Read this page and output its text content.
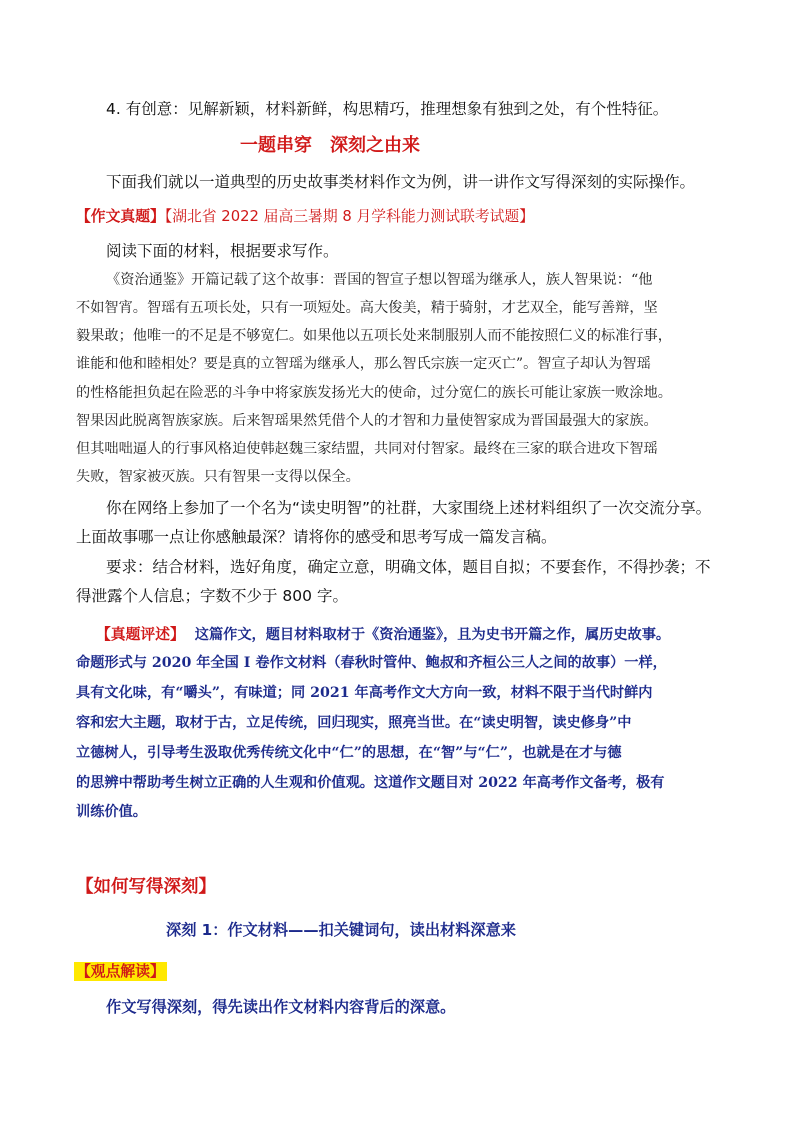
4. 有创意：见解新颖，材料新鲜，构思精巧，推理想象有独到之处，有个性特征。
一题串穿　深刻之由来
下面我们就以一道典型的历史故事类材料作文为例，讲一讲作文写得深刻的实际操作。
【作文真题】【湖北省 2022 届高三暑期 8 月学科能力测试联考试题】
阅读下面的材料，根据要求写作。
《资治通鉴》开篇记载了这个故事：晋国的智宣子想以智瑶为继承人，族人智果说：“他
不如智宵。智瑶有五项长处，只有一项短处。高大俊美，精于骑射，才艺双全，能写善辩，坚
毅果敢；他唯一的不足是不够宽仁。如果他以五项长处来制服别人而不能按照仁义的标准行事，
谁能和他和睦相处？要是真的立智瑶为继承人，那么智氏宗族一定灭亡”。智宣子却认为智瑶
的性格能担负起在险恶的斗争中将家族发扬光大的使命，过分宽仁的族长可能让家族一败涂地。
智果因此脱离智族家族。后来智瑶果然凭借个人的才智和力量使智家成为晋国最强大的家族。
但其咄咄逼人的行事风格迫使韩赵魏三家结盟，共同对付智家。最终在三家的联合进攻下智瑶
失败，智家被灭族。只有智果一支得以保全。
你在网络上参加了一个名为“读史明智”的社群，大家围绕上述材料组织了一次交流分享。
上面故事哪一点让你感触最深？请将你的感受和思考写成一篇发言稿。
要求：结合材料，选好角度，确定立意，明确文体，题目自拟；不要套作，不得抄袭；不
得泄露个人信息；字数不少于 800 字。
【真题评述】 这篇作文，题目材料取材于《资治通鉴》，且为史书开篇之作，属历史故事。
命题形式与 2020 年全国 I 卷作文材料（春秋时管仲、鲍叔和齐桓公三人之间的故事）一样，
具有文化味，有“嚼头”，有味道；同 2021 年高考作文大方向一致，材料不限于当代时鲜内
容和宏大主题，取材于古，立足传统，回归现实，照亮当世。在“读史明智，读史修身”中
立德树人，引导考生汲取优秀传统文化中“仁”的思想，在“智”与“仁”，也就是在才与德
的思辨中帮助考生树立正确的人生观和价值观。这道作文题目对 2022 年高考作文备考，极有
训练价值。
【如何写得深刻】
深刻 1：作文材料——扣关键词句，读出材料深意来
【观点解读】
作文写得深刻，得先读出作文材料内容背后的深意。
